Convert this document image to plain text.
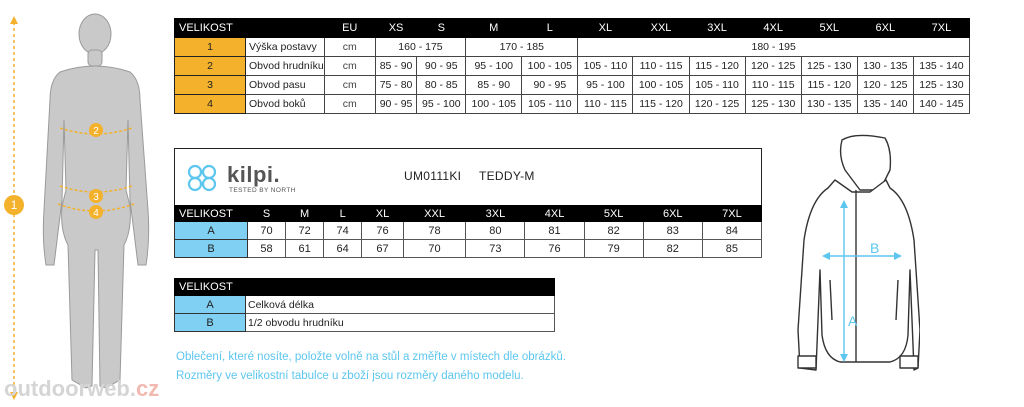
1
2
3
4
VELIKOST		EU	XS	S	M	L	XL	XXL	3XL	4XL	5XL	6XL	7XL
1	Výška postavy	cm	160 - 175		170 - 185		180 - 195						
2	Obvod hrudníku	cm	85 - 90	90 - 95	95 - 100	100 - 105	105 - 110	110 - 115	115 - 120	120 - 125	125 - 130	130 - 135	135 - 140
3	Obvod pasu	cm	75 - 80	80 - 85	85 - 90	90 - 95	95 - 100	100 - 105	105 - 110	110 - 115	115 - 120	120 - 125	125 - 130
4	Obvod boků	cm	90 - 95	95 - 100	100 - 105	105 - 110	110 - 115	115 - 120	120 - 125	125 - 130	130 - 135	135 - 140	140 - 145
kilpi.
TESTED BY NORTH
UM0111KI TEDDY-M
VELIKOST	S	M	L	XL	XXL	3XL	4XL	5XL	6XL	7XL
A	70	72	74	76	78	80	81	82	83	84
B	58	61	64	67	70	73	76	79	82	85
VELIKOST	
A	Celková délka
B	1/2 obvodu hrudníku
Oblečení, které nosíte, položte volně na stůl a změřte v místech dle obrázků.
Rozměry ve velikostní tabulce u zboží jsou rozměry daného modelu.
outdoorweb.cz
A
B
